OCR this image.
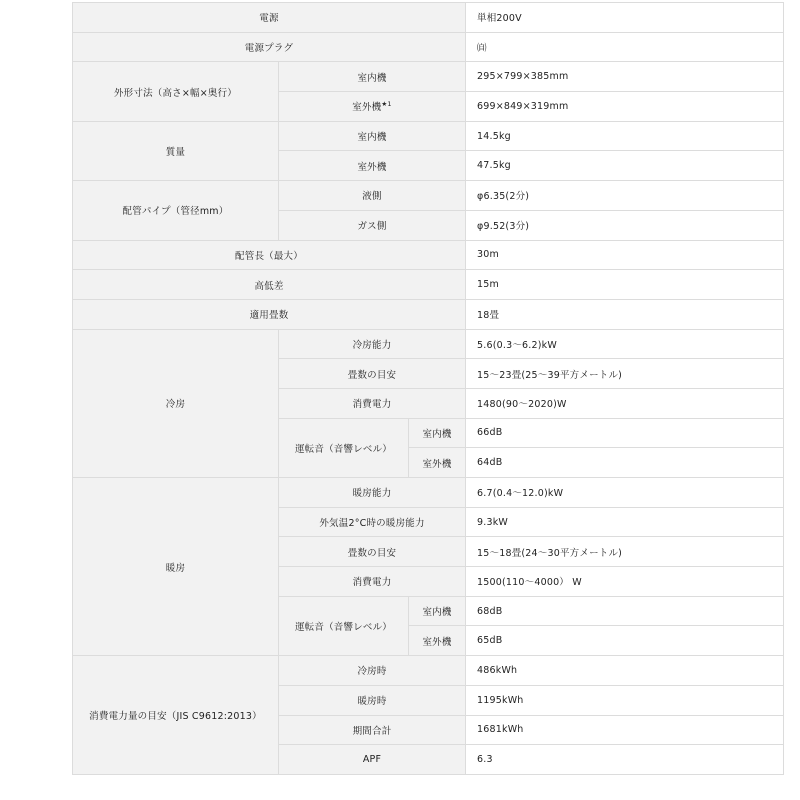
電源			単相200V
電源プラグ			㉂
外形寸法（高さ×幅×奥行）	室内機		295×799×385mm
	室外機$^{★1}$		699×849×319mm
質量	室内機		14.5kg
	室外機		47.5kg
配管パイプ（管径mm）	液側		φ6.35(2分)
	ガス側		φ9.52(3分)
配管長（最大）			30m
高低差			15m
適用畳数			18畳
冷房	冷房能力		5.6(0.3～6.2)kW
	畳数の目安		15～23畳(25～39平方メートル)
	消費電力		1480(90～2020)W
	運転音（音響レベル）	室内機	66dB
		室外機	64dB
暖房	暖房能力		6.7(0.4～12.0)kW
	外気温2°C時の暖房能力		9.3kW
	畳数の目安		15～18畳(24～30平方メートル)
	消費電力		1500(110～4000） W
	運転音（音響レベル）	室内機	68dB
		室外機	65dB
消費電力量の目安（JIS C9612:2013）	冷房時		486kWh
	暖房時		1195kWh
	期間合計		1681kWh
	APF		6.3
